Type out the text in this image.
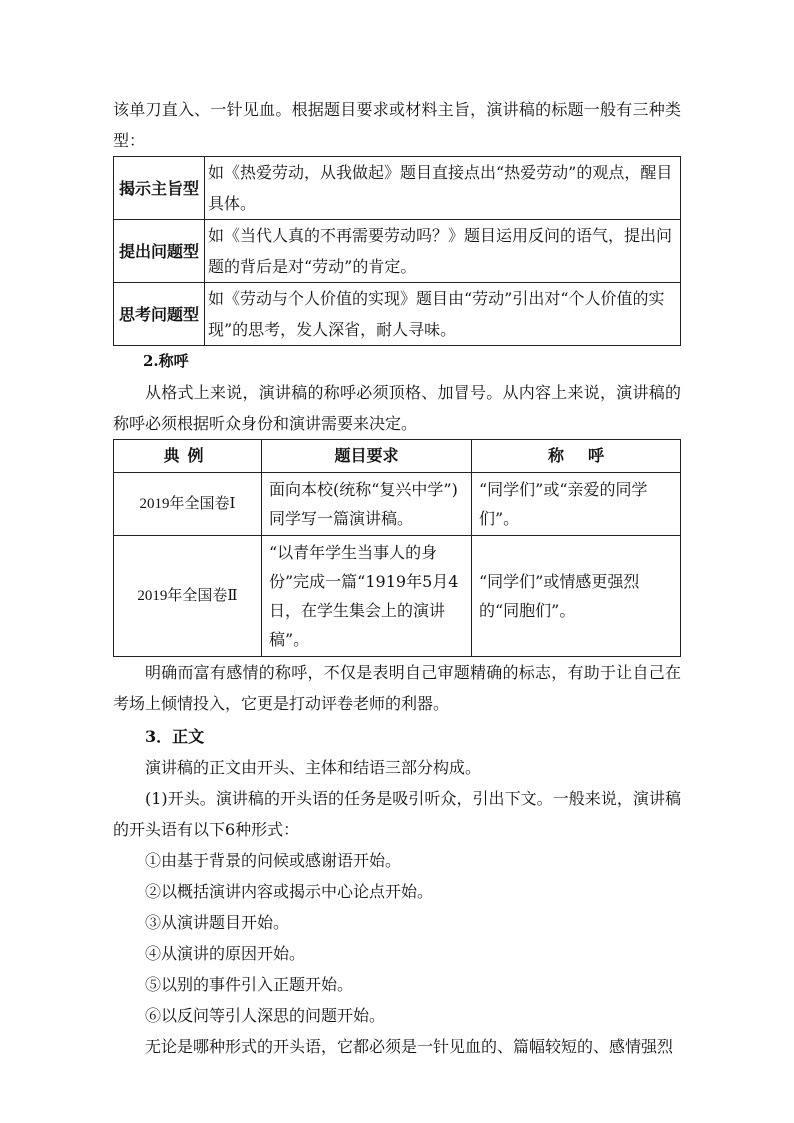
该单刀直入、一针见血。根据题目要求或材料主旨，演讲稿的标题一般有三种类型：

揭示主旨型	如《热爱劳动，从我做起》题目直接点出“热爱劳动”的观点，醒目具体。
提出问题型	如《当代人真的不再需要劳动吗？》题目运用反问的语气，提出问题的背后是对“劳动”的肯定。
思考问题型	如《劳动与个人价值的实现》题目由“劳动”引出对“个人价值的实现”的思考，发人深省，耐人寻味。

2.称呼

从格式上来说，演讲稿的称呼必须顶格、加冒号。从内容上来说，演讲稿的称呼必须根据听众身份和演讲需要来决定。

典例	题目要求	称呼
2019年全国卷Ⅰ	面向本校(统称“复兴中学”)同学写一篇演讲稿。	“同学们”或“亲爱的同学们”。
2019年全国卷Ⅱ	“以青年学生当事人的身份”完成一篇“1919年5月4日，在学生集会上的演讲稿”。	“同学们”或情感更强烈的“同胞们”。

明确而富有感情的称呼，不仅是表明自己审题精确的标志，有助于让自己在考场上倾情投入，它更是打动评卷老师的利器。

3．正文

演讲稿的正文由开头、主体和结语三部分构成。

(1)开头。演讲稿的开头语的任务是吸引听众，引出下文。一般来说，演讲稿的开头语有以下6种形式：

①由基于背景的问候或感谢语开始。

②以概括演讲内容或揭示中心论点开始。

③从演讲题目开始。

④从演讲的原因开始。

⑤以别的事件引入正题开始。

⑥以反问等引人深思的问题开始。

无论是哪种形式的开头语，它都必须是一针见血的、篇幅较短的、感情强烈
